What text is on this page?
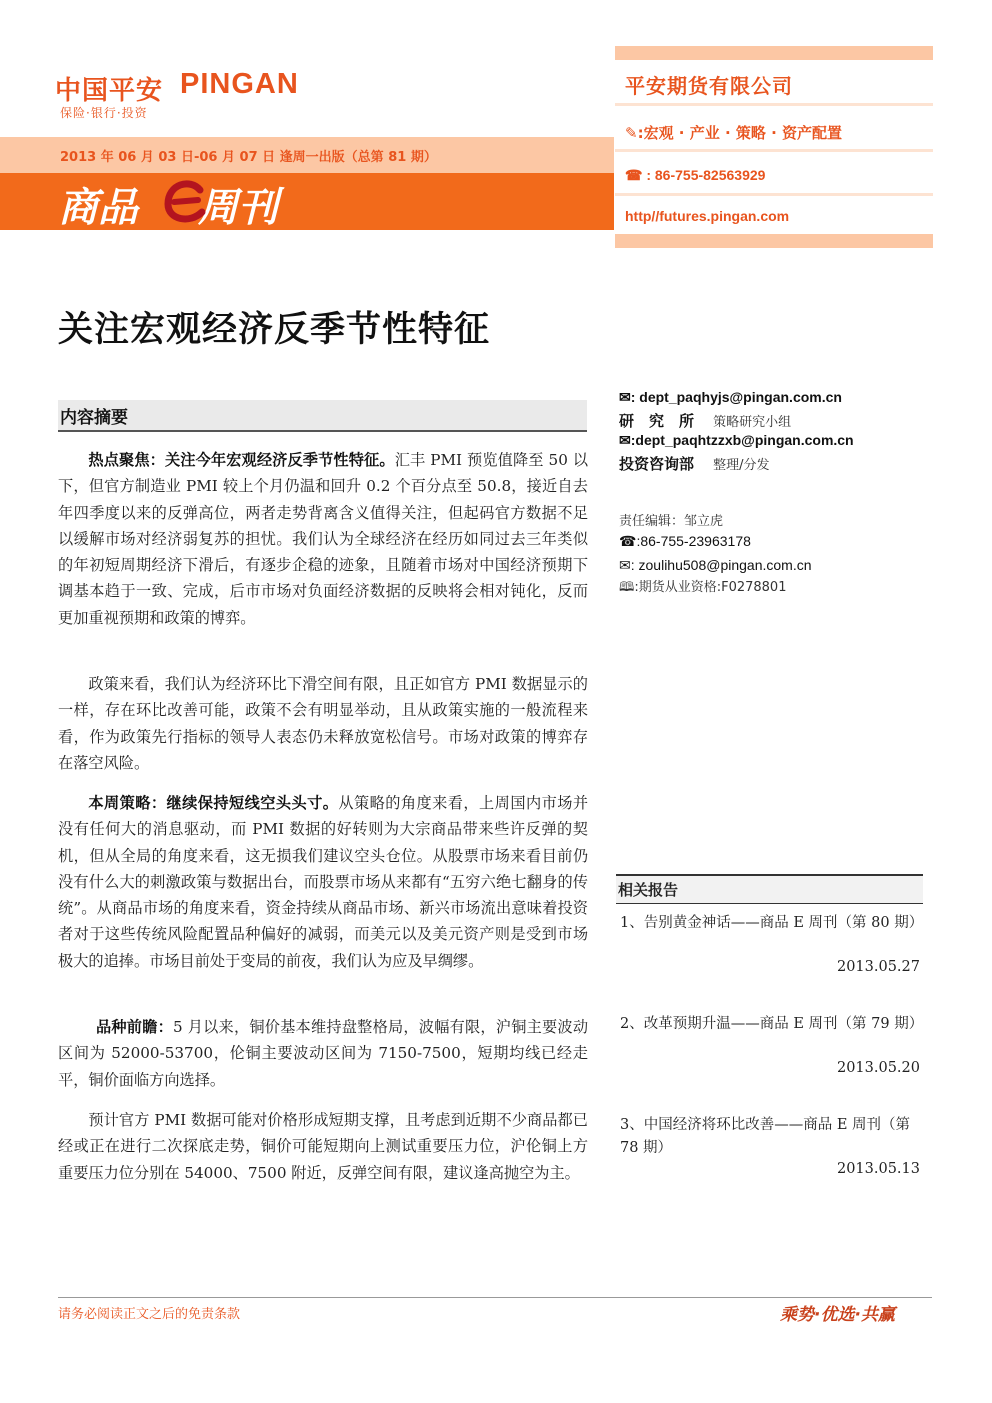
中国平安 PINGAN
保险·银行·投资
2013 年 06 月 03 日-06 月 07 日 逢周一出版（总第 81 期）
商品 周刊
平安期货有限公司
✎:宏观 · 产业 · 策略 · 资产配置
☎ : 86-755-82563929
http//futures.pingan.com
关注宏观经济反季节性特征
内容摘要

热点聚焦：关注今年宏观经济反季节性特征。汇丰 PMI 预览值降至 50 以下，但官方制造业 PMI 较上个月仍温和回升 0.2 个百分点至 50.8，接近自去年四季度以来的反弹高位，两者走势背离含义值得关注，但起码官方数据不足以缓解市场对经济弱复苏的担忧。我们认为全球经济在经历如同过去三年类似的年初短周期经济下滑后，有逐步企稳的迹象，且随着市场对中国经济预期下调基本趋于一致、完成，后市市场对负面经济数据的反映将会相对钝化，反而更加重视预期和政策的博弈。

政策来看，我们认为经济环比下滑空间有限，且正如官方 PMI 数据显示的一样，存在环比改善可能，政策不会有明显举动，且从政策实施的一般流程来看，作为政策先行指标的领导人表态仍未释放宽松信号。市场对政策的博弈存在落空风险。

本周策略：继续保持短线空头头寸。从策略的角度来看，上周国内市场并没有任何大的消息驱动，而 PMI 数据的好转则为大宗商品带来些许反弹的契机，但从全局的角度来看，这无损我们建议空头仓位。从股票市场来看目前仍没有什么大的刺激政策与数据出台，而股票市场从来都有“五穷六绝七翻身的传统”。从商品市场的角度来看，资金持续从商品市场、新兴市场流出意味着投资者对于这些传统风险配置品种偏好的减弱，而美元以及美元资产则是受到市场极大的追捧。市场目前处于变局的前夜，我们认为应及早绸缪。

品种前瞻：5 月以来，铜价基本维持盘整格局，波幅有限，沪铜主要波动区间为 52000-53700，伦铜主要波动区间为 7150-7500，短期均线已经走平，铜价面临方向选择。

预计官方 PMI 数据可能对价格形成短期支撑，且考虑到近期不少商品都已经或正在进行二次探底走势，铜价可能短期向上测试重要压力位，沪伦铜上方重要压力位分别在 54000、7500 附近，反弹空间有限，建议逢高抛空为主。

✉: dept_paqhyjs@pingan.com.cn
研　究　所 策略研究小组
✉:dept_paqhtzzxb@pingan.com.cn
投资咨询部 整理/分发
责任编辑：邹立虎
☎:86-755-23963178
✉: zoulihu508@pingan.com.cn
🕮:期货从业资格:F0278801
相关报告
1、告别黄金神话——商品 E 周刊（第 80 期）
2013.05.27
2、改革预期升温——商品 E 周刊（第 79 期）
2013.05.20
3、中国经济将环比改善——商品 E 周刊（第 78 期）
2013.05.13
请务必阅读正文之后的免责条款	乘势·优选·共赢
